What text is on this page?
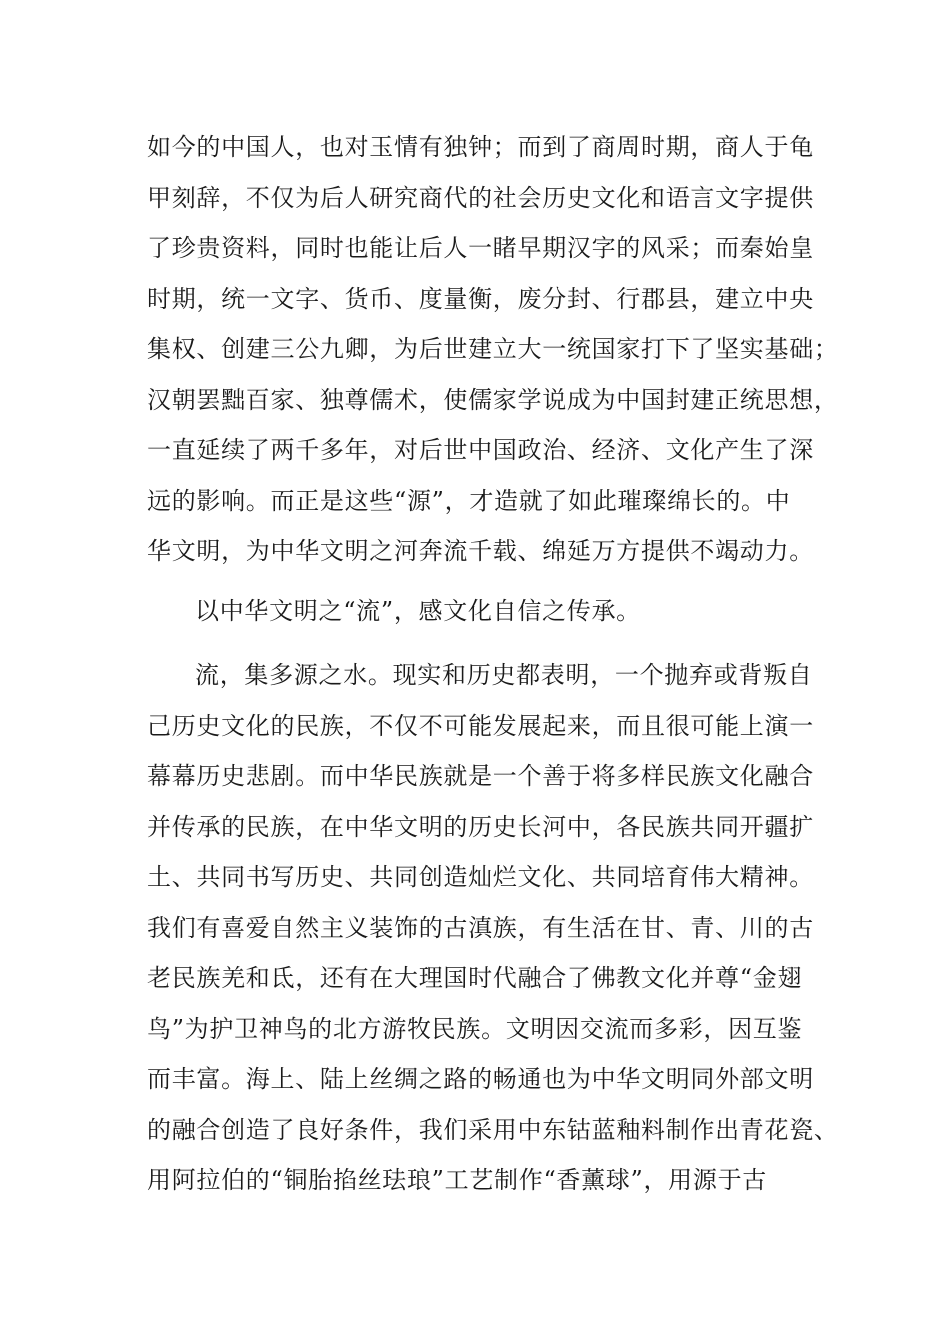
如今的中国人，也对玉情有独钟；而到了商周时期，商人于龟
甲刻辞，不仅为后人研究商代的社会历史文化和语言文字提供
了珍贵资料，同时也能让后人一睹早期汉字的风采；而秦始皇
时期，统一文字、货币、度量衡，废分封、行郡县，建立中央
集权、创建三公九卿，为后世建立大一统国家打下了坚实基础；
汉朝罢黜百家、独尊儒术，使儒家学说成为中国封建正统思想，
一直延续了两千多年，对后世中国政治、经济、文化产生了深
远的影响。而正是这些“源”，才造就了如此璀璨绵长的。中
华文明，为中华文明之河奔流千载、绵延万方提供不竭动力。
以中华文明之“流”，感文化自信之传承。
流，集多源之水。现实和历史都表明，一个抛弃或背叛自
己历史文化的民族，不仅不可能发展起来，而且很可能上演一
幕幕历史悲剧。而中华民族就是一个善于将多样民族文化融合
并传承的民族，在中华文明的历史长河中，各民族共同开疆扩
土、共同书写历史、共同创造灿烂文化、共同培育伟大精神。
我们有喜爱自然主义装饰的古滇族，有生活在甘、青、川的古
老民族羌和氐，还有在大理国时代融合了佛教文化并尊“金翅
鸟”为护卫神鸟的北方游牧民族。文明因交流而多彩，因互鉴
而丰富。海上、陆上丝绸之路的畅通也为中华文明同外部文明
的融合创造了良好条件，我们采用中东钴蓝釉料制作出青花瓷、
用阿拉伯的“铜胎掐丝珐琅”工艺制作“香薰球”，用源于古
